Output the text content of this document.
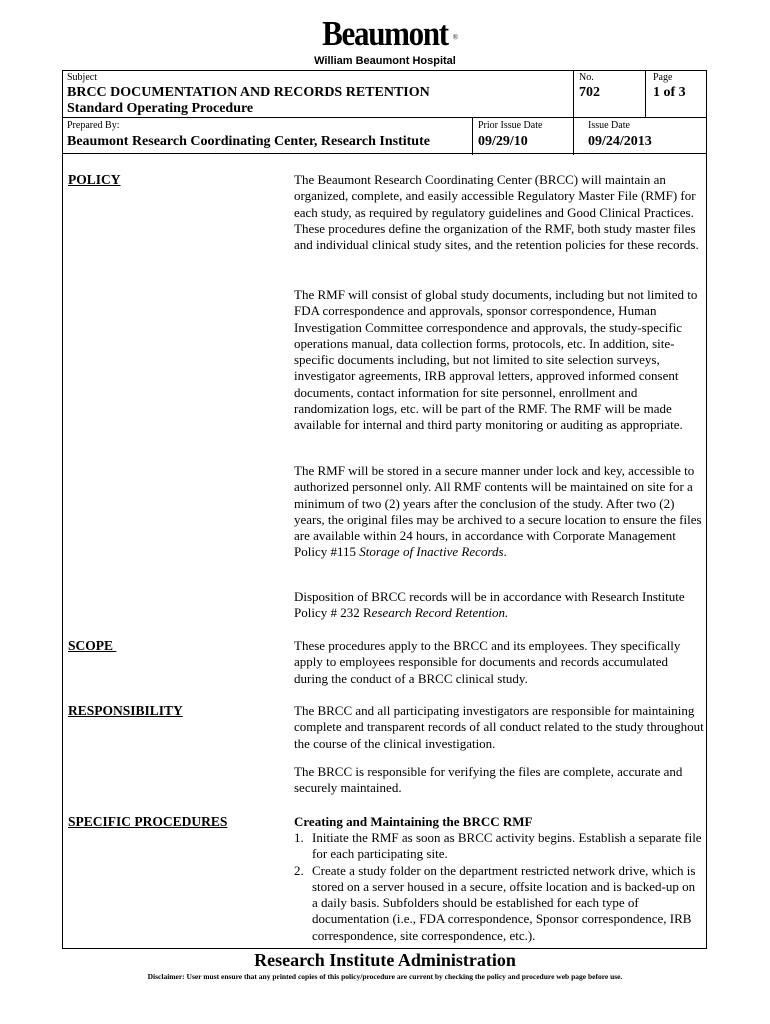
Beaumont ®
William Beaumont Hospital
Subject
BRCC DOCUMENTATION AND RECORDS RETENTION
Standard Operating Procedure
No.
702
Page
1 of 3
Prepared By:
Beaumont Research Coordinating Center, Research Institute
Prior Issue Date
09/29/10
Issue Date
09/24/2013
POLICY	The Beaumont Research Coordinating Center (BRCC) will maintain an organized, complete, and easily accessible Regulatory Master File (RMF) for each study, as required by regulatory guidelines and Good Clinical Practices. These procedures define the organization of the RMF, both study master files and individual clinical study sites, and the retention policies for these records.
The RMF will consist of global study documents, including but not limited to FDA correspondence and approvals, sponsor correspondence, Human Investigation Committee correspondence and approvals, the study-specific operations manual, data collection forms, protocols, etc. In addition, site-specific documents including, but not limited to site selection surveys, investigator agreements, IRB approval letters, approved informed consent documents, contact information for site personnel, enrollment and randomization logs, etc. will be part of the RMF. The RMF will be made available for internal and third party monitoring or auditing as appropriate.
The RMF will be stored in a secure manner under lock and key, accessible to authorized personnel only. All RMF contents will be maintained on site for a minimum of two (2) years after the conclusion of the study. After two (2) years, the original files may be archived to a secure location to ensure the files are available within 24 hours, in accordance with Corporate Management Policy #115 Storage of Inactive Records.
Disposition of BRCC records will be in accordance with Research Institute Policy # 232 Research Record Retention.
SCOPE	These procedures apply to the BRCC and its employees. They specifically apply to employees responsible for documents and records accumulated during the conduct of a BRCC clinical study.
RESPONSIBILITY	The BRCC and all participating investigators are responsible for maintaining complete and transparent records of all conduct related to the study throughout the course of the clinical investigation.
The BRCC is responsible for verifying the files are complete, accurate and securely maintained.
SPECIFIC PROCEDURES	Creating and Maintaining the BRCC RMF
1. Initiate the RMF as soon as BRCC activity begins. Establish a separate file for each participating site.
2. Create a study folder on the department restricted network drive, which is stored on a server housed in a secure, offsite location and is backed-up on a daily basis. Subfolders should be established for each type of documentation (i.e., FDA correspondence, Sponsor correspondence, IRB correspondence, site correspondence, etc.).
Research Institute Administration
Disclaimer: User must ensure that any printed copies of this policy/procedure are current by checking the policy and procedure web page before use.
